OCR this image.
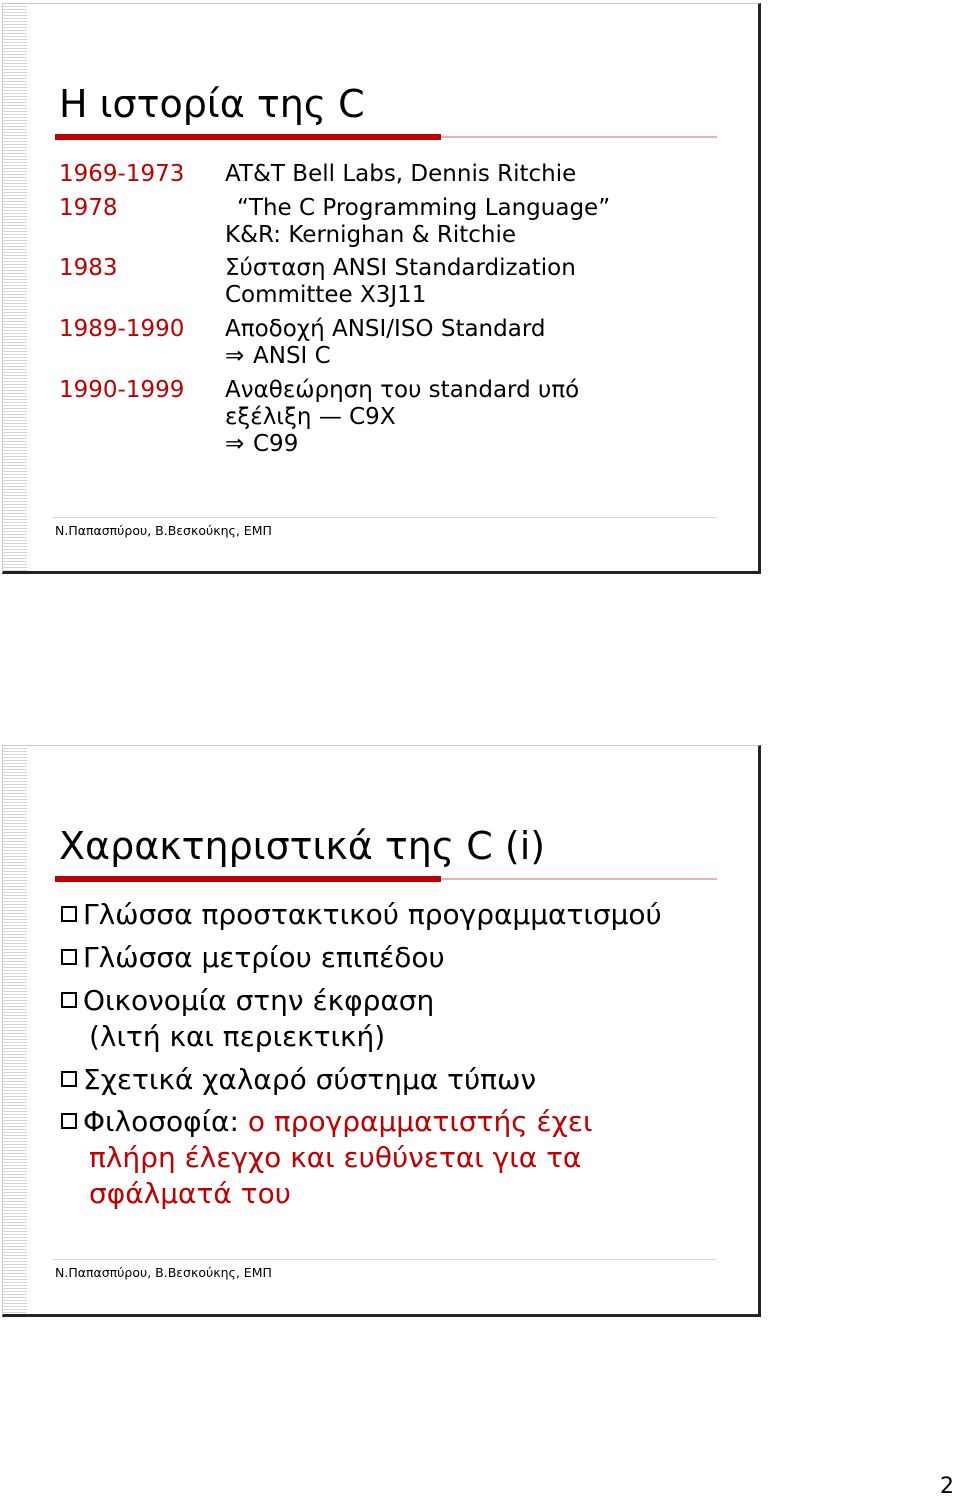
Η ιστορία της C
1969-1973 AT&T Bell Labs, Dennis Ritchie
1978	“The C Programming Language”
K&R: Kernighan & Ritchie
1983	Σύσταση ANSI Standardization
Committee X3J11
1989-1990 Αποδοχή ANSI/ISO Standard
⇒ ANSI C
1990-1999 Αναθεώρηση του standard υπό
εξέλιξη — C9X
⇒ C99
Ν.Παπασπύρου, Β.Βεσκούκης, ΕΜΠ
Χαρακτηριστικά της C (i)
Γλώσσα προστακτικού προγραμματισμού
Γλώσσα μετρίου επιπέδου
Οικονομία στην έκφραση
(λιτή και περιεκτική)
Σχετικά χαλαρό σύστημα τύπων
Φιλοσοφία: ο προγραμματιστής έχει
πλήρη έλεγχο και ευθύνεται για τα
σφάλματά του
Ν.Παπασπύρου, Β.Βεσκούκης, ΕΜΠ
2
